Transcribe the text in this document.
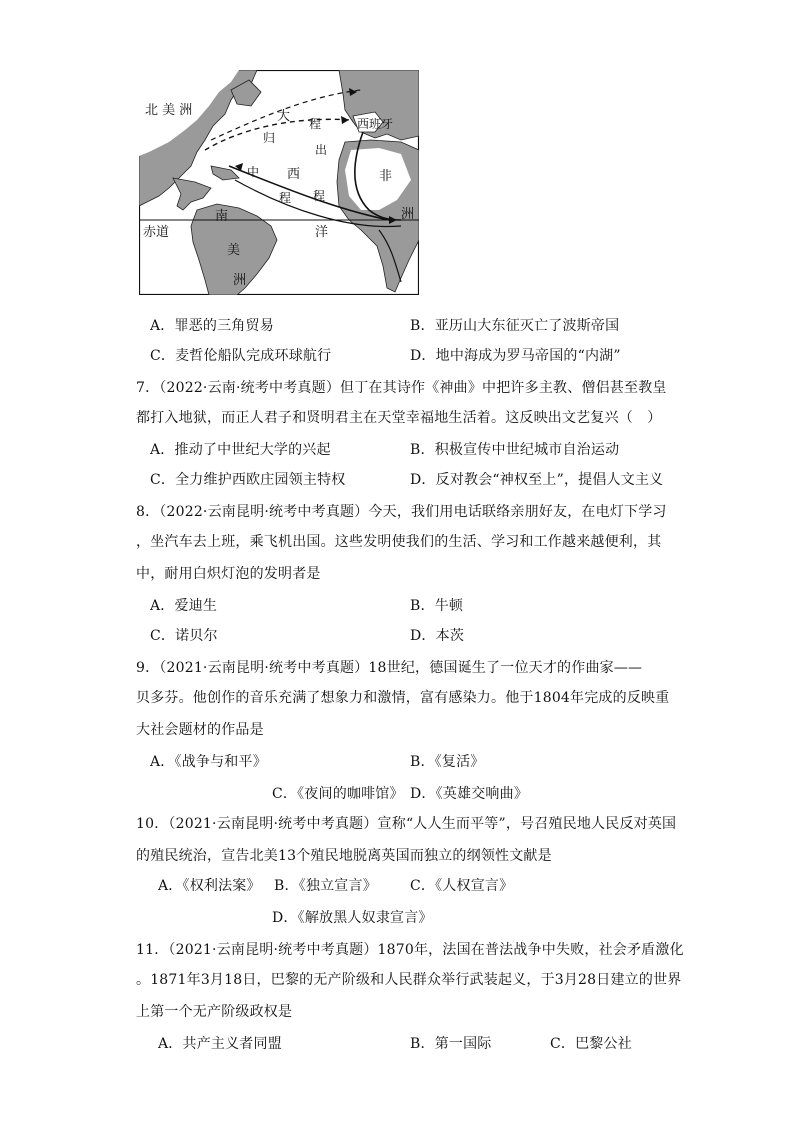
北 美 洲	大 程
归
西班牙
出
中 西
程
程
非
洲
南
赤道
美
洋
洲
A．罪恶的三角贸易	B．亚历山大东征灭亡了波斯帝国
C．麦哲伦船队完成环球航行	D．地中海成为罗马帝国的“内湖”
7．（2022·云南·统考中考真题）但丁在其诗作《神曲》中把许多主教、僧侣甚至教皇
都打入地狱，而正人君子和贤明君主在天堂幸福地生活着。这反映出文艺复兴（　）
A．推动了中世纪大学的兴起	B．积极宣传中世纪城市自治运动
C．全力维护西欧庄园领主特权	D．反对教会“神权至上”，提倡人文主义
8．（2022·云南昆明·统考中考真题）今天，我们用电话联络亲朋好友，在电灯下学习
，坐汽车去上班，乘飞机出国。这些发明使我们的生活、学习和工作越来越便利，其
中，耐用白炽灯泡的发明者是
A．爱迪生	B．牛顿
C．诺贝尔	D．本茨
9．（2021·云南昆明·统考中考真题）18世纪，德国诞生了一位天才的作曲家——
贝多芬。他创作的音乐充满了想象力和激情，富有感染力。他于1804年完成的反映重
大社会题材的作品是
A．《战争与和平》	B．《复活》
C．《夜间的咖啡馆》 D．《英雄交响曲》
10．（2021·云南昆明·统考中考真题）宣称“人人生而平等”，号召殖民地人民反对英国
的殖民统治，宣告北美13个殖民地脱离英国而独立的纲领性文献是
A．《权利法案》 B．《独立宣言》 C．《人权宣言》
D．《解放黑人奴隶宣言》
11．（2021·云南昆明·统考中考真题）1870年，法国在普法战争中失败，社会矛盾激化
。1871年3月18日，巴黎的无产阶级和人民群众举行武装起义，于3月28日建立的世界
上第一个无产阶级政权是
A．共产主义者同盟	B．第一国际	C．巴黎公社
